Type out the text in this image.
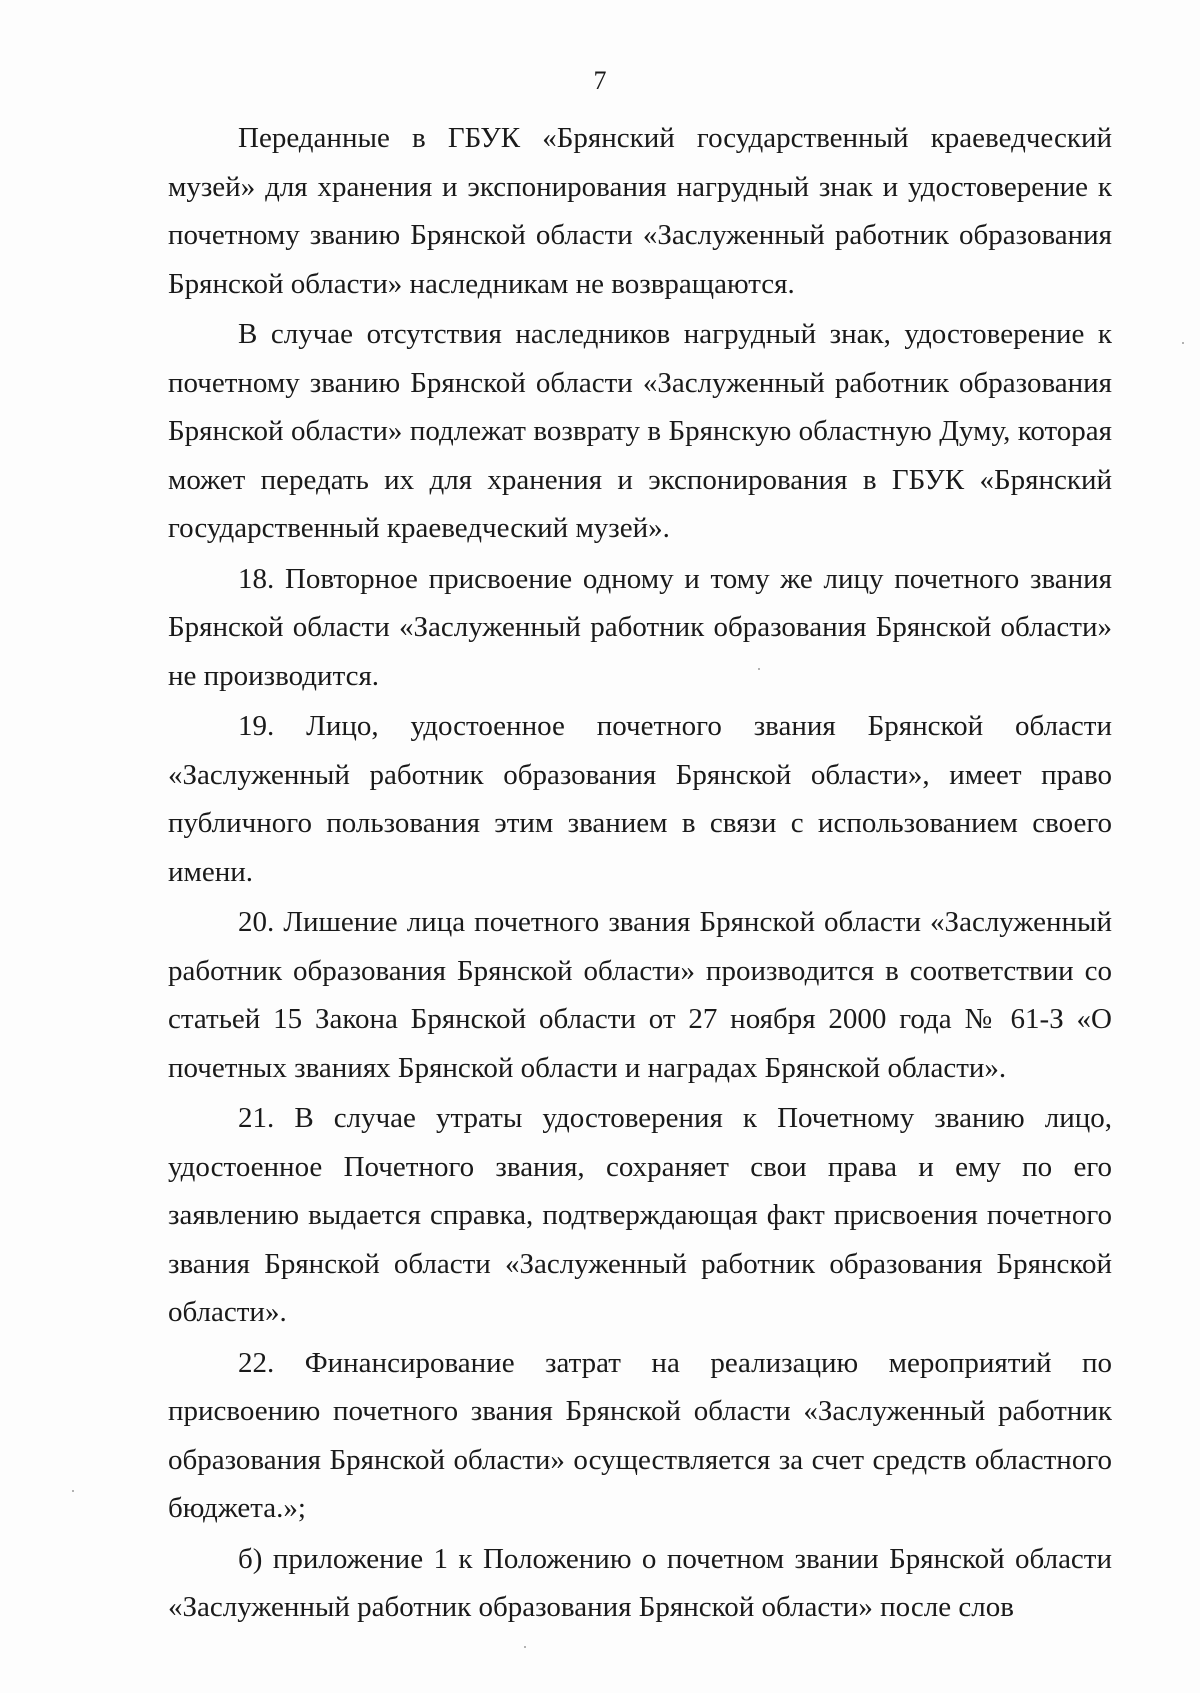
7

Переданные в ГБУК «Брянский государственный краеведческий музей» для хранения и экспонирования нагрудный знак и удостоверение к почетному званию Брянской области «Заслуженный работник образования Брянской области» наследникам не возвращаются.

В случае отсутствия наследников нагрудный знак, удостоверение к почетному званию Брянской области «Заслуженный работник образования Брянской области» подлежат возврату в Брянскую областную Думу, которая может передать их для хранения и экспонирования в ГБУК «Брянский государственный краеведческий музей».

18. Повторное присвоение одному и тому же лицу почетного звания Брянской области «Заслуженный работник образования Брянской области» не производится.

19. Лицо, удостоенное почетного звания Брянской области «Заслуженный работник образования Брянской области», имеет право публичного пользования этим званием в связи с использованием своего имени.

20. Лишение лица почетного звания Брянской области «Заслуженный работник образования Брянской области» производится в соответствии со статьей 15 Закона Брянской области от 27 ноября 2000 года № 61-З «О почетных званиях Брянской области и наградах Брянской области».

21. В случае утраты удостоверения к Почетному званию лицо, удостоенное Почетного звания, сохраняет свои права и ему по его заявлению выдается справка, подтверждающая факт присвоения почетного звания Брянской области «Заслуженный работник образования Брянской области».

22. Финансирование затрат на реализацию мероприятий по присвоению почетного звания Брянской области «Заслуженный работник образования Брянской области» осуществляется за счет средств областного бюджета.»;

б) приложение 1 к Положению о почетном звании Брянской области «Заслуженный работник образования Брянской области» после слов
